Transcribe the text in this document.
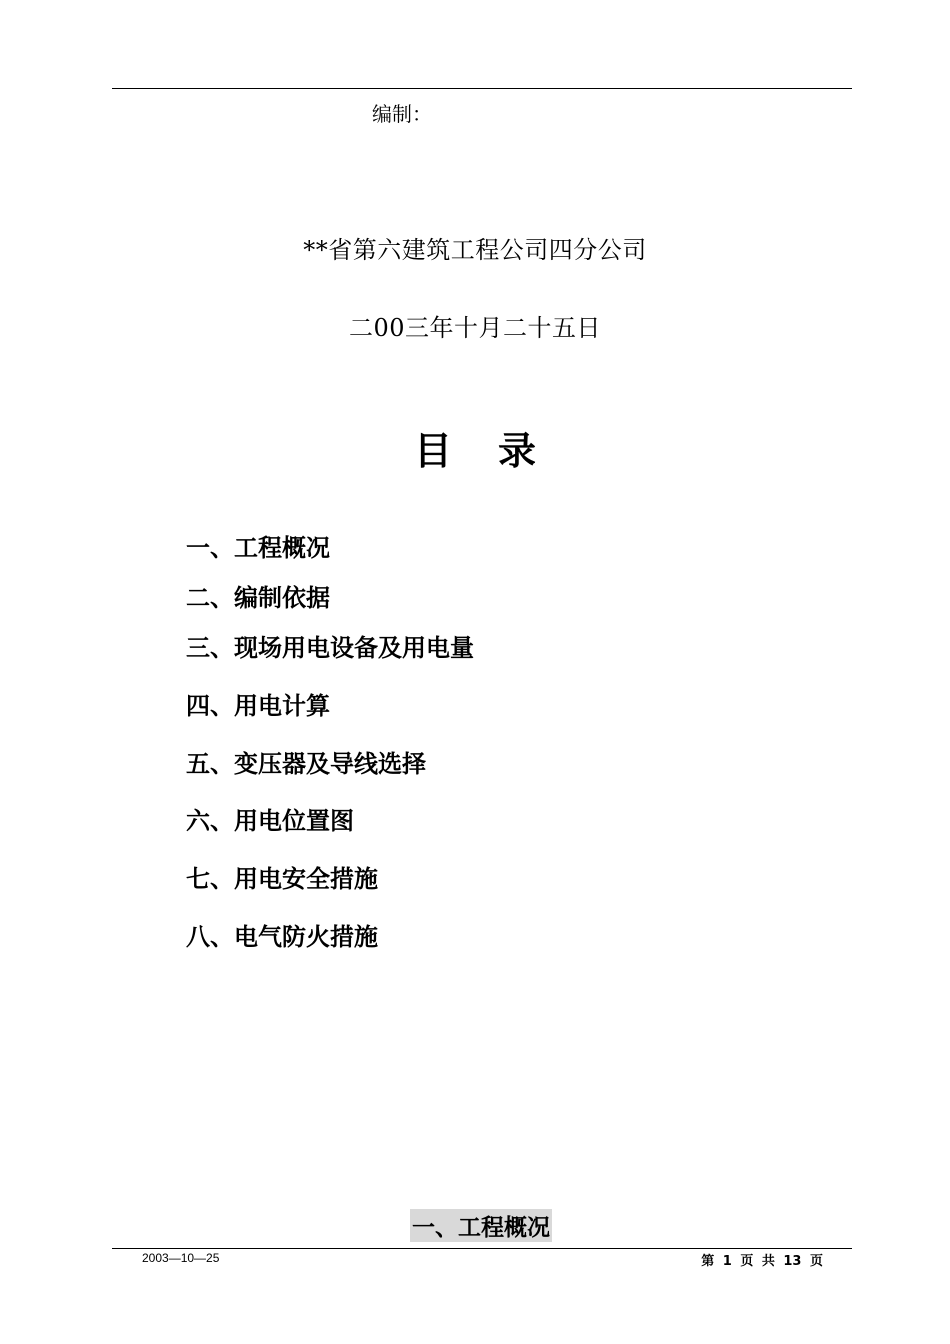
编制：
**省第六建筑工程公司四分公司
二00三年十月二十五日
目 录
一、工程概况
二、编制依据
三、现场用电设备及用电量
四、用电计算
五、变压器及导线选择
六、用电位置图
七、用电安全措施
八、电气防火措施
一、工程概况
2003—10—25	第 1 页 共 13 页
